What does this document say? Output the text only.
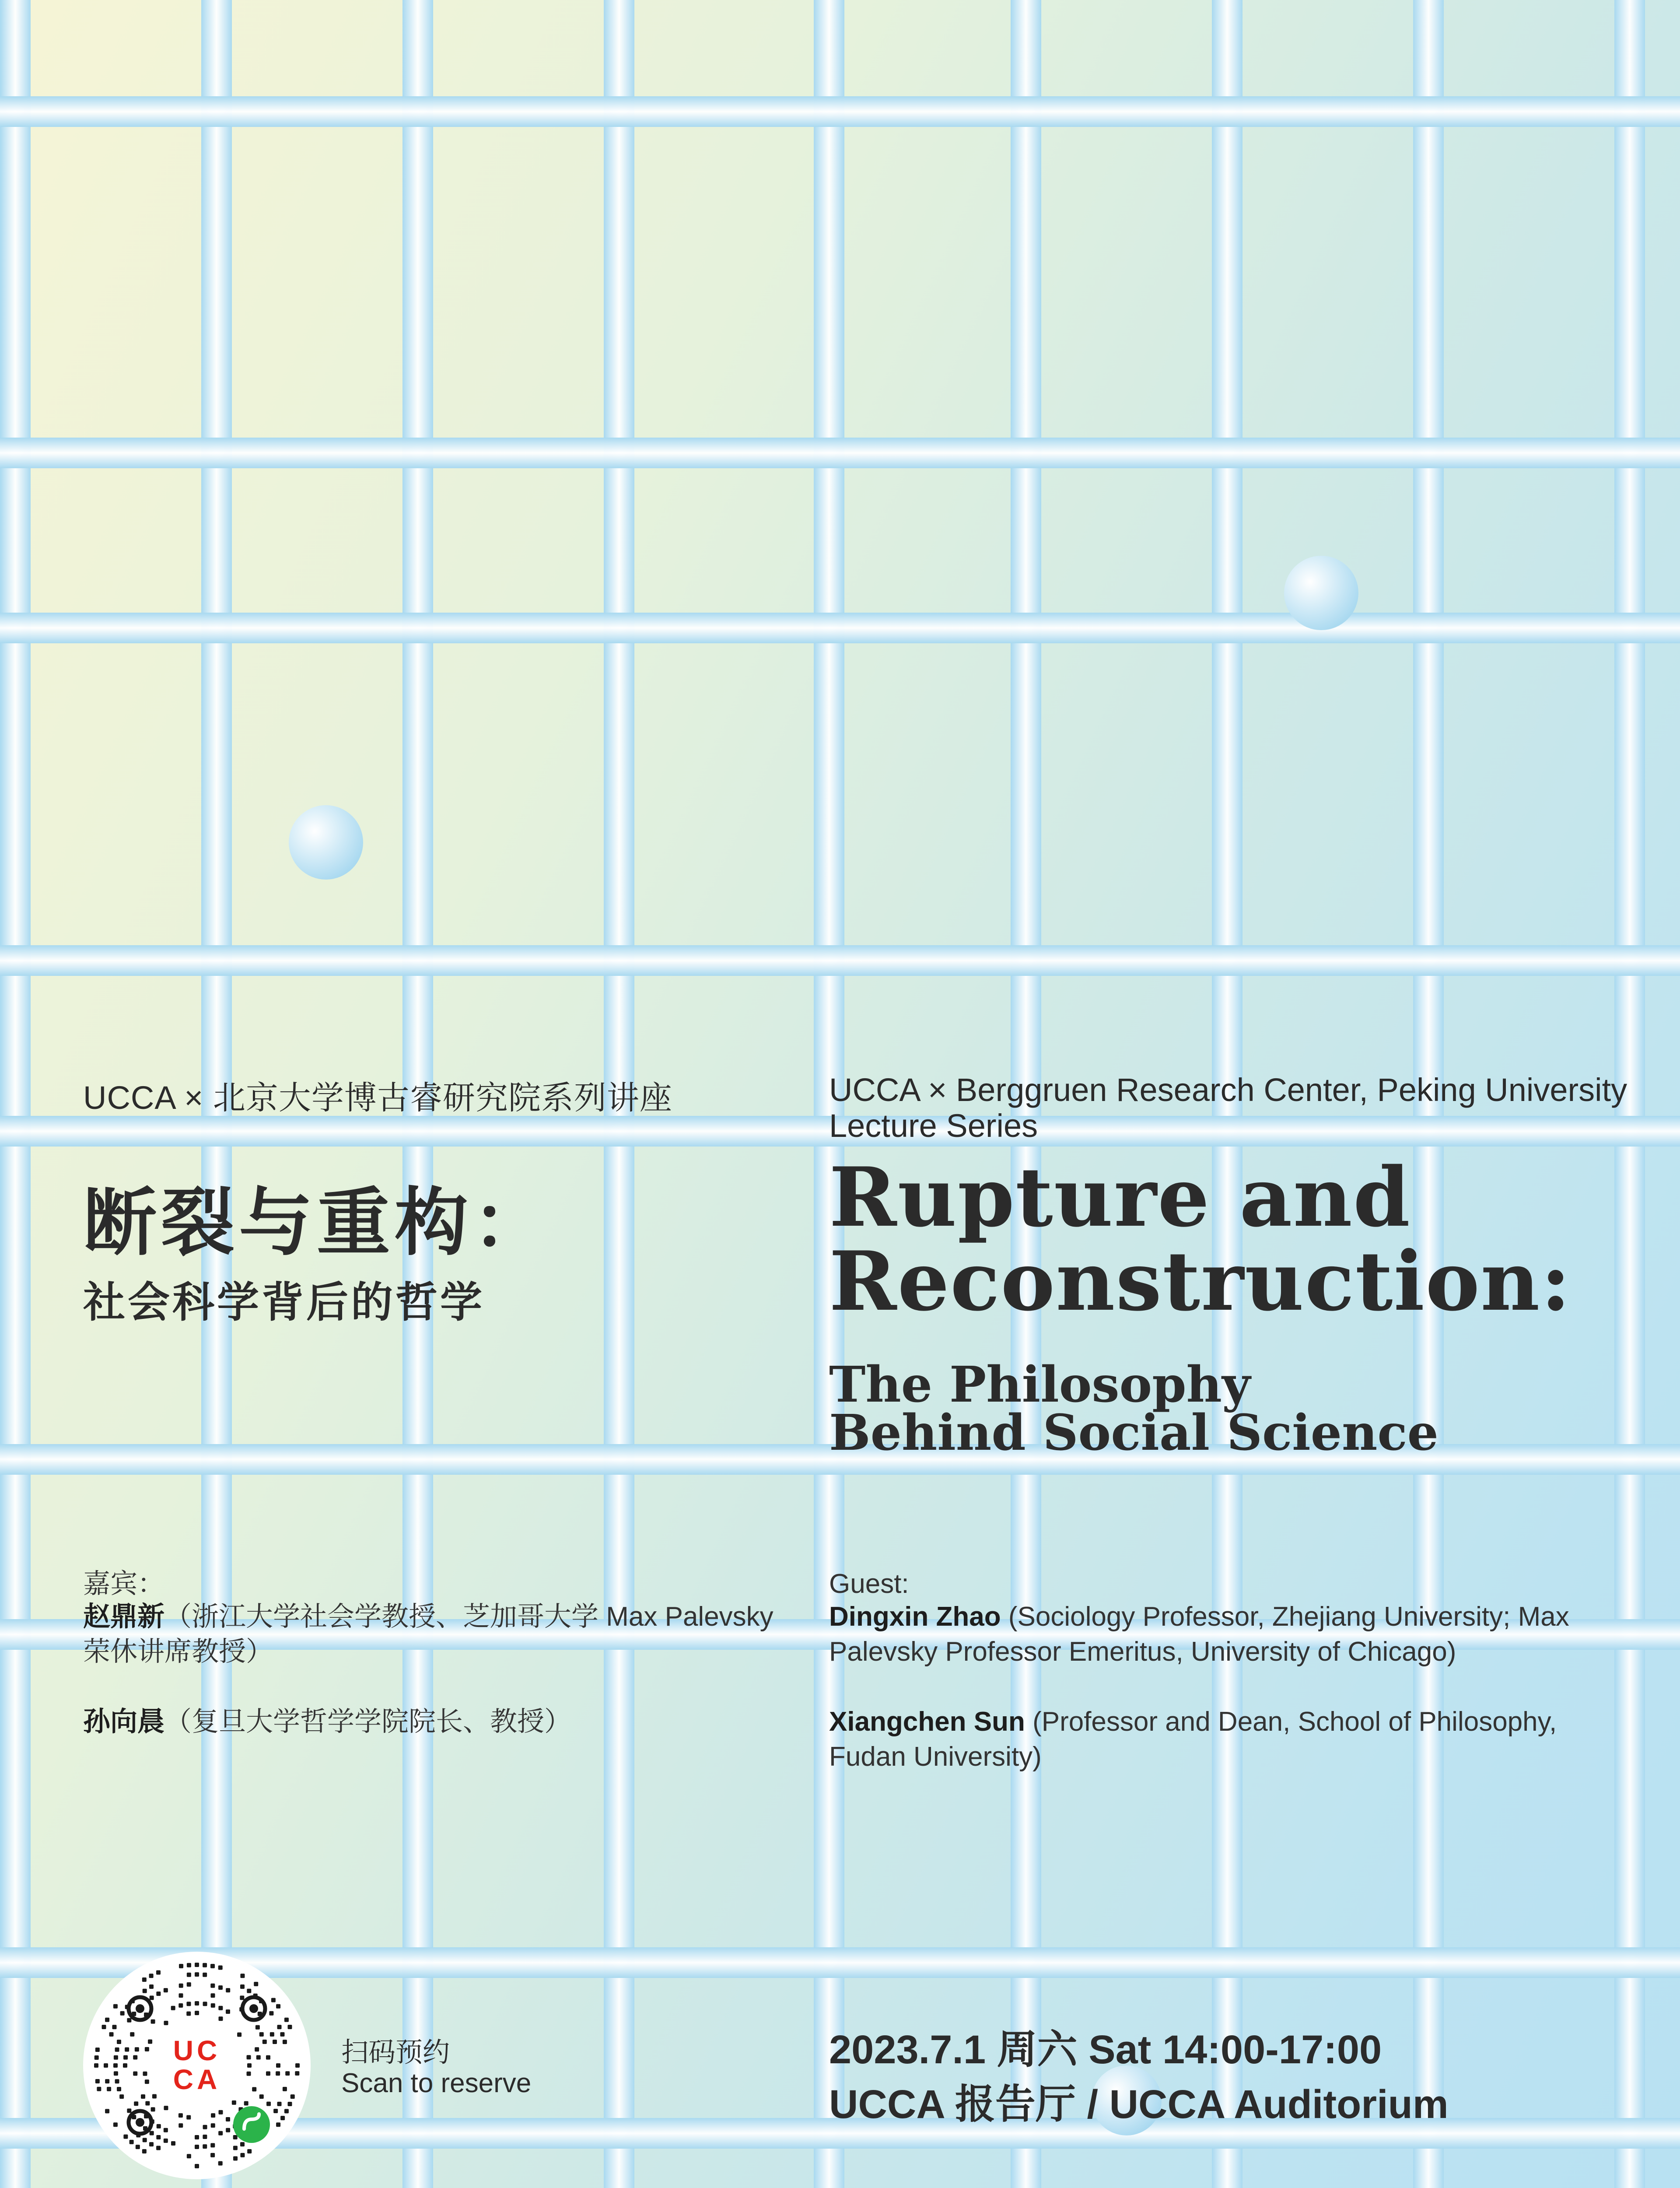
UCCA × 北京大学博古睿研究院系列讲座

断裂与重构：

社会科学背后的哲学

UCCA × Berggruen Research Center, Peking University Lecture Series

Rupture and
Reconstruction:
The Philosophy
Behind Social Science

嘉宾：

赵鼎新（浙江大学社会学教授、芝加哥大学 Max Palevsky 荣休讲席教授）

孙向晨（复旦大学哲学学院院长、教授）

Guest:

Dingxin Zhao (Sociology Professor, Zhejiang University; Max Palevsky Professor Emeritus, University of Chicago)

Xiangchen Sun (Professor and Dean, School of Philosophy, Fudan University)

UC
CA

扫码预约

Scan to reserve

2023.7.1 周六 Sat 14:00-17:00

UCCA 报告厅 / UCCA Auditorium
